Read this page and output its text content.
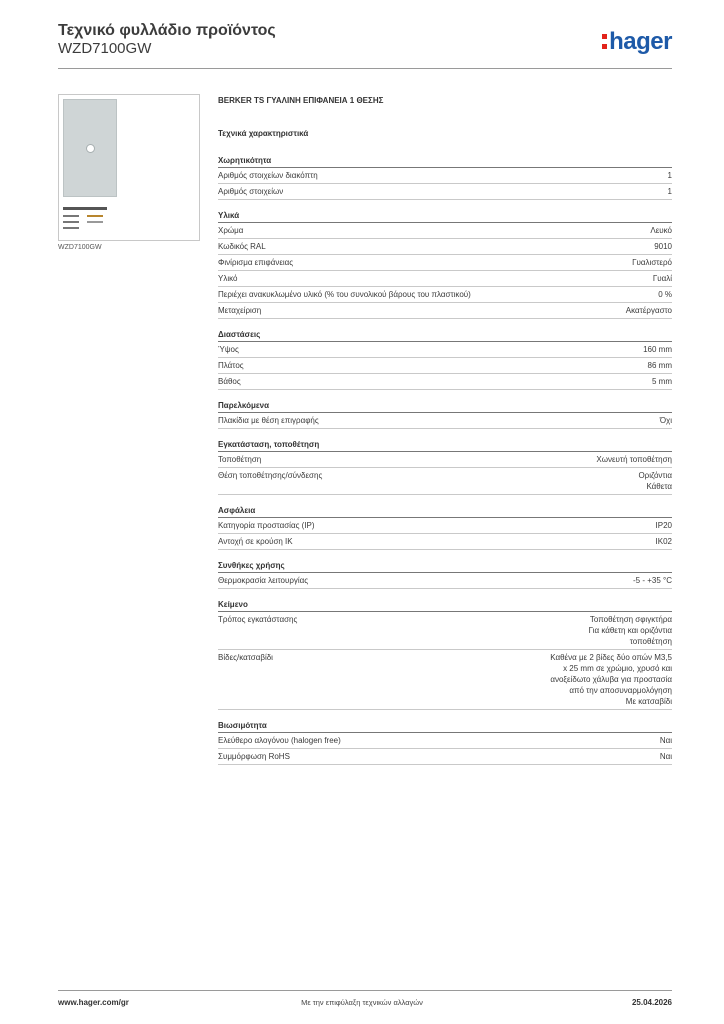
Τεχνικό φυλλάδιο προϊόντος
WZD7100GW	hager
WZD7100GW
BERKER TS ΓΥΑΛΙΝΗ ΕΠΙΦΑΝΕΙΑ 1 ΘΕΣΗΣ
Τεχνικά χαρακτηριστικά
Χωρητικότητα
Αριθμός στοιχείων διακόπτη	1
Αριθμός στοιχείων	1
Υλικά
Χρώμα	Λευκό
Κωδικός RAL	9010
Φινίρισμα επιφάνειας	Γυαλιστερό
Υλικό	Γυαλί
Περιέχει ανακυκλωμένο υλικό (% του συνολικού βάρους του πλαστικού)	0 %
Μεταχείριση	Ακατέργαστο
Διαστάσεις
Ύψος	160 mm
Πλάτος	86 mm
Βάθος	5 mm
Παρελκόμενα
Πλακίδια με θέση επιγραφής	Όχι
Εγκατάσταση, τοποθέτηση
Τοποθέτηση	Χωνευτή τοποθέτηση
Θέση τοποθέτησης/σύνδεσης	Οριζόντια
Κάθετα
Ασφάλεια
Κατηγορία προστασίας (IP)	IP20
Αντοχή σε κρούση IK	IK02
Συνθήκες χρήσης
Θερμοκρασία λειτουργίας	-5 - +35 °C
Κείμενο
Τρόπος εγκατάστασης	Τοποθέτηση σφιγκτήρα
Για κάθετη και οριζόντια
τοποθέτηση
Βίδες/κατσαβίδι	Καθένα με 2 βίδες δύο οπών M3,5
x 25 mm σε χρώμιο, χρυσό και
ανοξείδωτο χάλυβα για προστασία
από την αποσυναρμολόγηση
Με κατσαβίδι
Βιωσιμότητα
Ελεύθερο αλογόνου (halogen free)	Ναι
Συμμόρφωση RoHS	Ναι
www.hager.com/gr	Με την επιφύλαξη τεχνικών αλλαγών	25.04.2026
